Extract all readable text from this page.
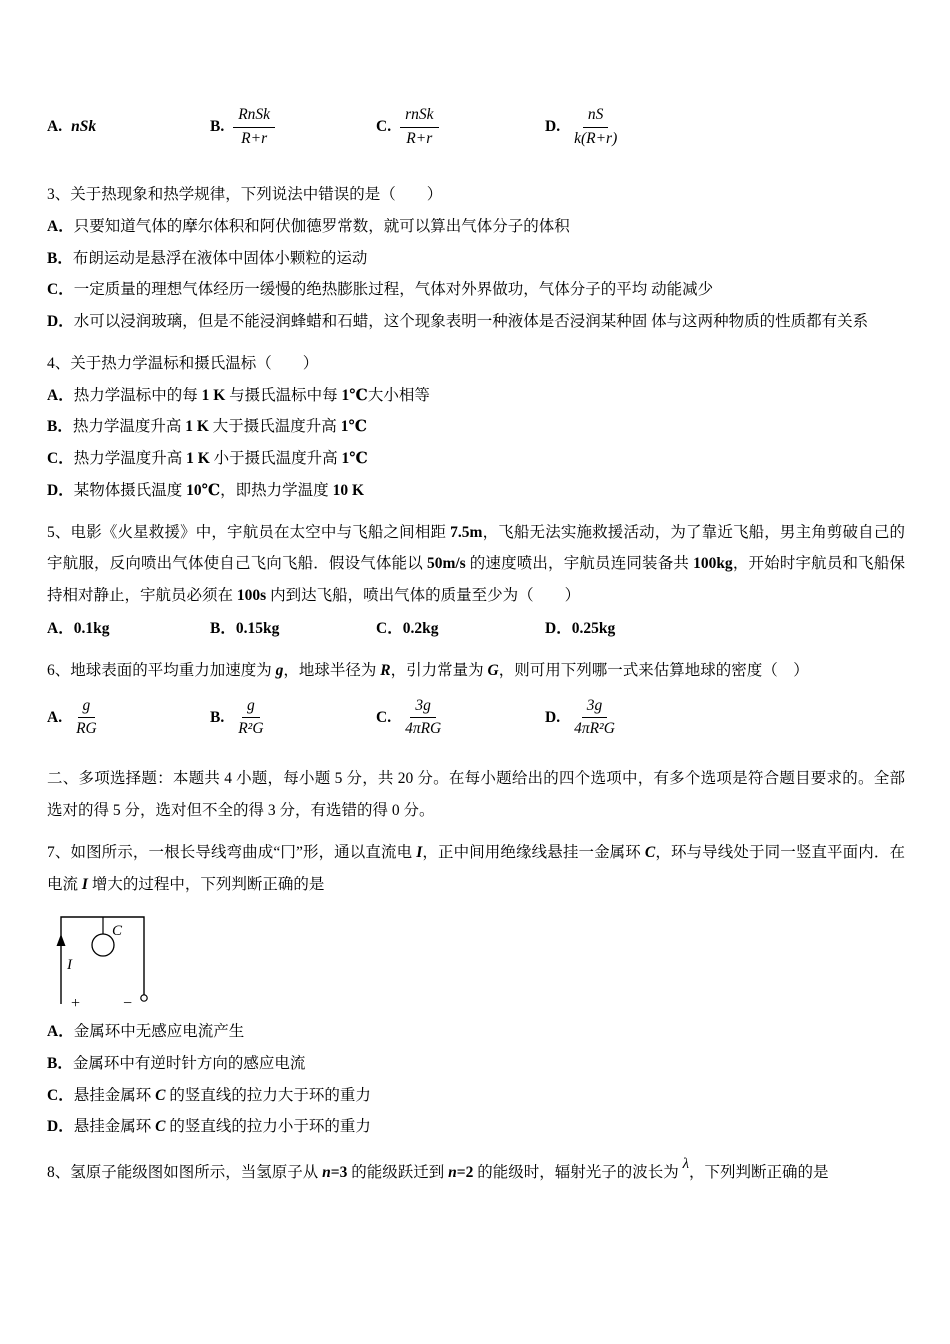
A. nSk	B. $\frac{\text{RnSk}}{R+r}$	C. $\frac{\text{rnSk}}{R+r}$	D. $\frac{nS}{k(R+r)}$
3、关于热现象和热学规律，下列说法中错误的是（　　）
A．只要知道气体的摩尔体积和阿伏伽德罗常数，就可以算出气体分子的体积
B．布朗运动是悬浮在液体中固体小颗粒的运动
C．一定质量的理想气体经历一缓慢的绝热膨胀过程，气体对外界做功，气体分子的平均 动能减少
D．水可以浸润玻璃，但是不能浸润蜂蜡和石蜡，这个现象表明一种液体是否浸润某种固 体与这两种物质的性质都有关系
4、关于热力学温标和摄氏温标（　　）
A．热力学温标中的每 1 K 与摄氏温标中每 1℃大小相等
B．热力学温度升高 1 K 大于摄氏温度升高 1℃
C．热力学温度升高 1 K 小于摄氏温度升高 1℃
D．某物体摄氏温度 10℃，即热力学温度 10 K
5、电影《火星救援》中，宇航员在太空中与飞船之间相距 7.5m，飞船无法实施救援活动，为了靠近飞船，男主角剪破自己的宇航服，反向喷出气体使自己飞向飞船．假设气体能以 50m/s 的速度喷出，宇航员连同装备共 100kg，开始时宇航员和飞船保持相对静止，宇航员必须在 100s 内到达飞船，喷出气体的质量至少为（　　）
A．0.1kg	B．0.15kg	C．0.2kg	D．0.25kg
6、地球表面的平均重力加速度为 g，地球半径为 R，引力常量为 G，则可用下列哪一式来估算地球的密度（　）
A. $\frac{g}{RG}$	B. $\frac{g}{\text{R²G}}$	C. $\frac{3g}{\text{4πRG}}$	D. $\frac{3g}{\text{4πR²G}}$
二、多项选择题：本题共 4 小题，每小题 5 分，共 20 分。在每小题给出的四个选项中，有多个选项是符合题目要求的。全部选对的得 5 分，选对但不全的得 3 分，有选错的得 0 分。
7、如图所示，一根长导线弯曲成“冂”形，通以直流电 I，正中间用绝缘线悬挂一金属环 C，环与导线处于同一竖直平面内．在电流 I 增大的过程中，下列判断正确的是
I
C
+	−
A．金属环中无感应电流产生
B．金属环中有逆时针方向的感应电流
C．悬挂金属环 C 的竖直线的拉力大于环的重力
D．悬挂金属环 C 的竖直线的拉力小于环的重力
8、氢原子能级图如图所示，当氢原子从 n=3 的能级跃迁到 n=2 的能级时，辐射光子的波长为 λ，下列判断正确的是
